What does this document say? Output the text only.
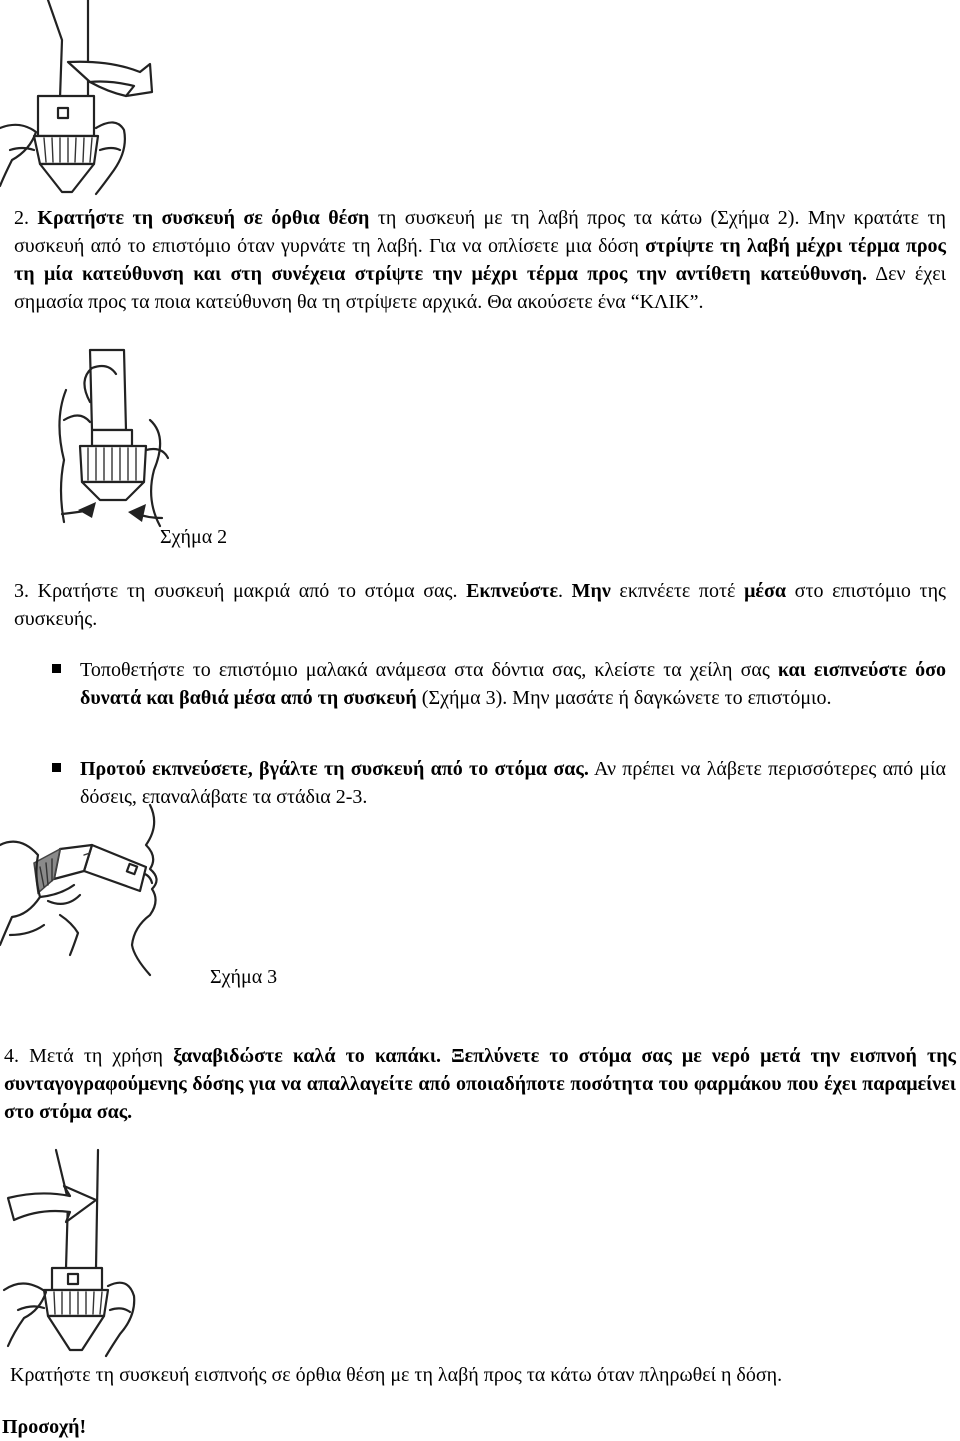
2. Κρατήστε τη συσκευή σε όρθια θέση τη συσκευή με τη λαβή προς τα κάτω (Σχήμα 2). Μην κρατάτε τη συσκευή από το επιστόμιο όταν γυρνάτε τη λαβή. Για να οπλίσετε μια δόση στρίψτε τη λαβή μέχρι τέρμα προς τη μία κατεύθυνση και στη συνέχεια στρίψτε την μέχρι τέρμα προς την αντίθετη κατεύθυνση. Δεν έχει σημασία προς τα ποια κατεύθυνση θα τη στρίψετε αρχικά. Θα ακούσετε ένα “ΚΛΙΚ”.
Σχήμα 2
3. Κρατήστε τη συσκευή μακριά από το στόμα σας. Εκπνεύστε. Μην εκπνέετε ποτέ μέσα στο επιστόμιο της συσκευής.
Τοποθετήστε το επιστόμιο μαλακά ανάμεσα στα δόντια σας, κλείστε τα χείλη σας και εισπνεύστε όσο δυνατά και βαθιά μέσα από τη συσκευή (Σχήμα 3). Μην μασάτε ή δαγκώνετε το επιστόμιο.
Προτού εκπνεύσετε, βγάλτε τη συσκευή από το στόμα σας. Αν πρέπει να λάβετε περισσότερες από μία δόσεις, επαναλάβατε τα στάδια 2-3.
Σχήμα 3
4. Μετά τη χρήση ξαναβιδώστε καλά το καπάκι. Ξεπλύνετε το στόμα σας με νερό μετά την εισπνοή της συνταγογραφούμενης δόσης για να απαλλαγείτε από οποιαδήποτε ποσότητα του φαρμάκου που έχει παραμείνει στο στόμα σας.
Κρατήστε τη συσκευή εισπνοής σε όρθια θέση με τη λαβή προς τα κάτω όταν πληρωθεί η δόση.
Προσοχή!
